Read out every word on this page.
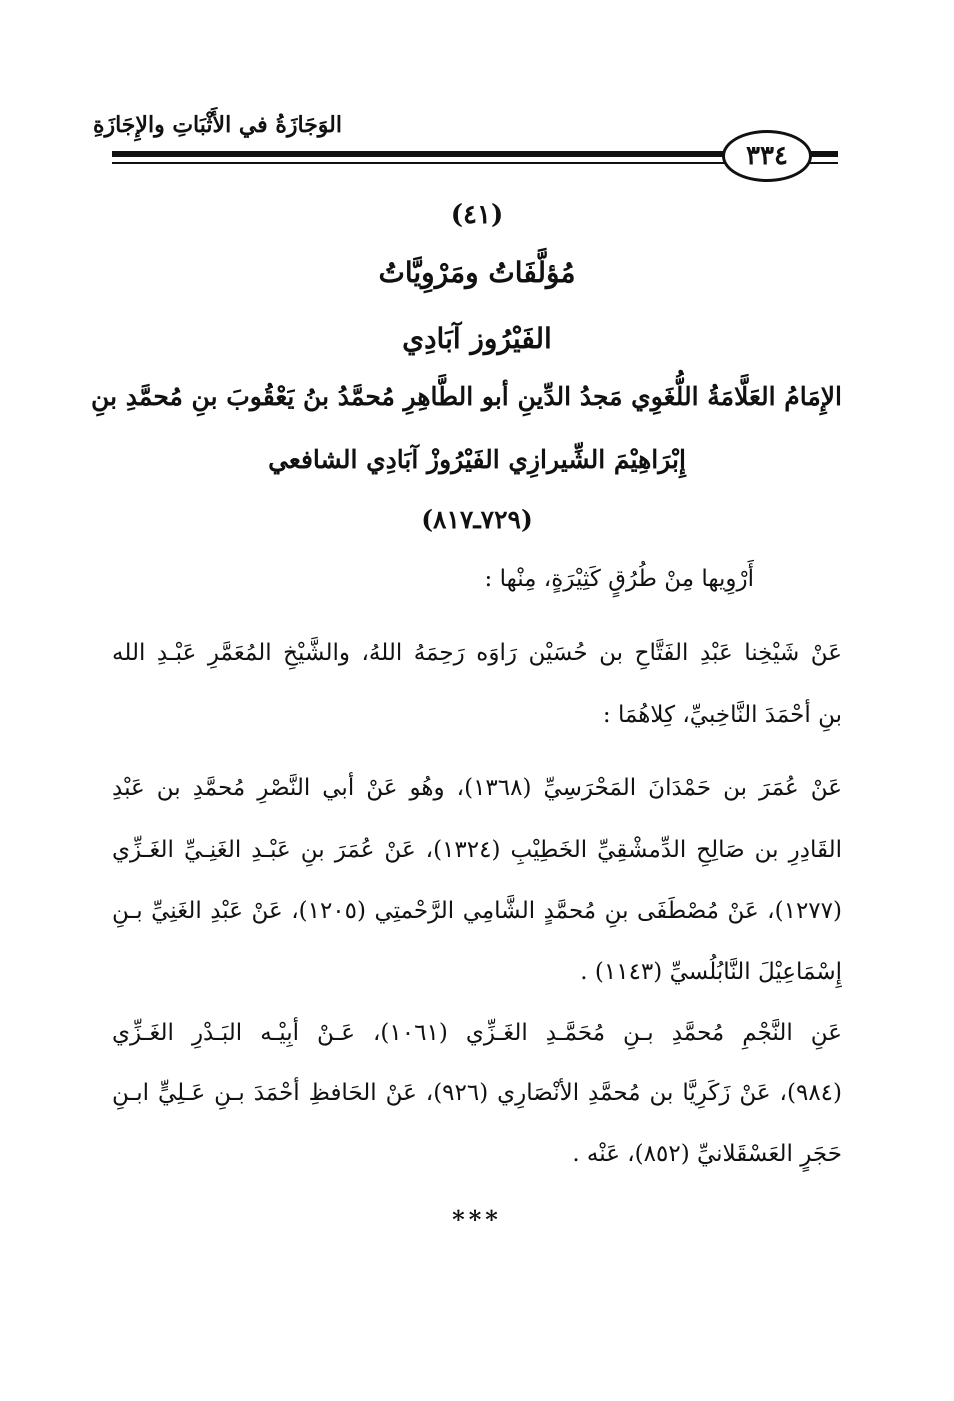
الوَجَازَةُ في الأَثْبَاتِ والإِجَازَةِ
٣٣٤
(٤١)
مُؤلَّفَاتُ ومَرْوِيَّاتُ
الفَيْرُوز آبَادِي
الإِمَامُ العَلَّامَةُ اللُّغَوِي مَجدُ الدِّينِ أبو الطَّاهِرِ مُحمَّدُ بنُ يَعْقُوبَ بنِ مُحمَّدِ بنِ
إِبْرَاهِيْمَ الشِّيرازِي الفَيْرُوزْ آبَادِي الشافعي
(٧٢٩ـ٨١٧)
أَرْوِيها مِنْ طُرُقٍ كَثِيْرَةٍ، مِنْها :
عَنْ شَيْخِنا عَبْدِ الفَتَّاحِ بن حُسَيْن رَاوَه رَحِمَهُ اللهُ، والشَّيْخِ المُعَمَّرِ عَبْـدِ الله
بنِ أحْمَدَ النَّاخِبيِّ، كِلاهُمَا :
عَنْ عُمَرَ بن حَمْدَانَ المَحْرَسِيِّ (١٣٦٨)، وهُو عَنْ أبي النَّصْرِ مُحمَّدِ بن عَبْدِ
القَادِرِ بن صَالِحِ الدِّمشْقِيِّ الخَطِيْبِ (١٣٢٤)، عَنْ عُمَرَ بنِ عَبْـدِ الغَنِـيِّ الغَـزِّي
(١٢٧٧)، عَنْ مُصْطَفَى بنِ مُحمَّدٍ الشَّامِي الرَّحْمتِي (١٢٠٥)، عَنْ عَبْدِ الغَنِيِّ بـنِ
إِسْمَاعِيْلَ النَّابُلُسيِّ (١١٤٣) .
عَنِ النَّجْمِ مُحمَّدِ بـنِ مُحَمَّـدِ الغَـزِّي (١٠٦١)، عَـنْ أبِيْـه البَـدْرِ الغَـزِّي
(٩٨٤)، عَنْ زَكَرِيَّا بن مُحمَّدِ الأنْصَارِي (٩٢٦)، عَنْ الحَافظِ أحْمَدَ بـنِ عَـلِيٍّ ابـنِ
حَجَرٍ العَسْقَلانيِّ (٨٥٢)، عَنْه .
***
